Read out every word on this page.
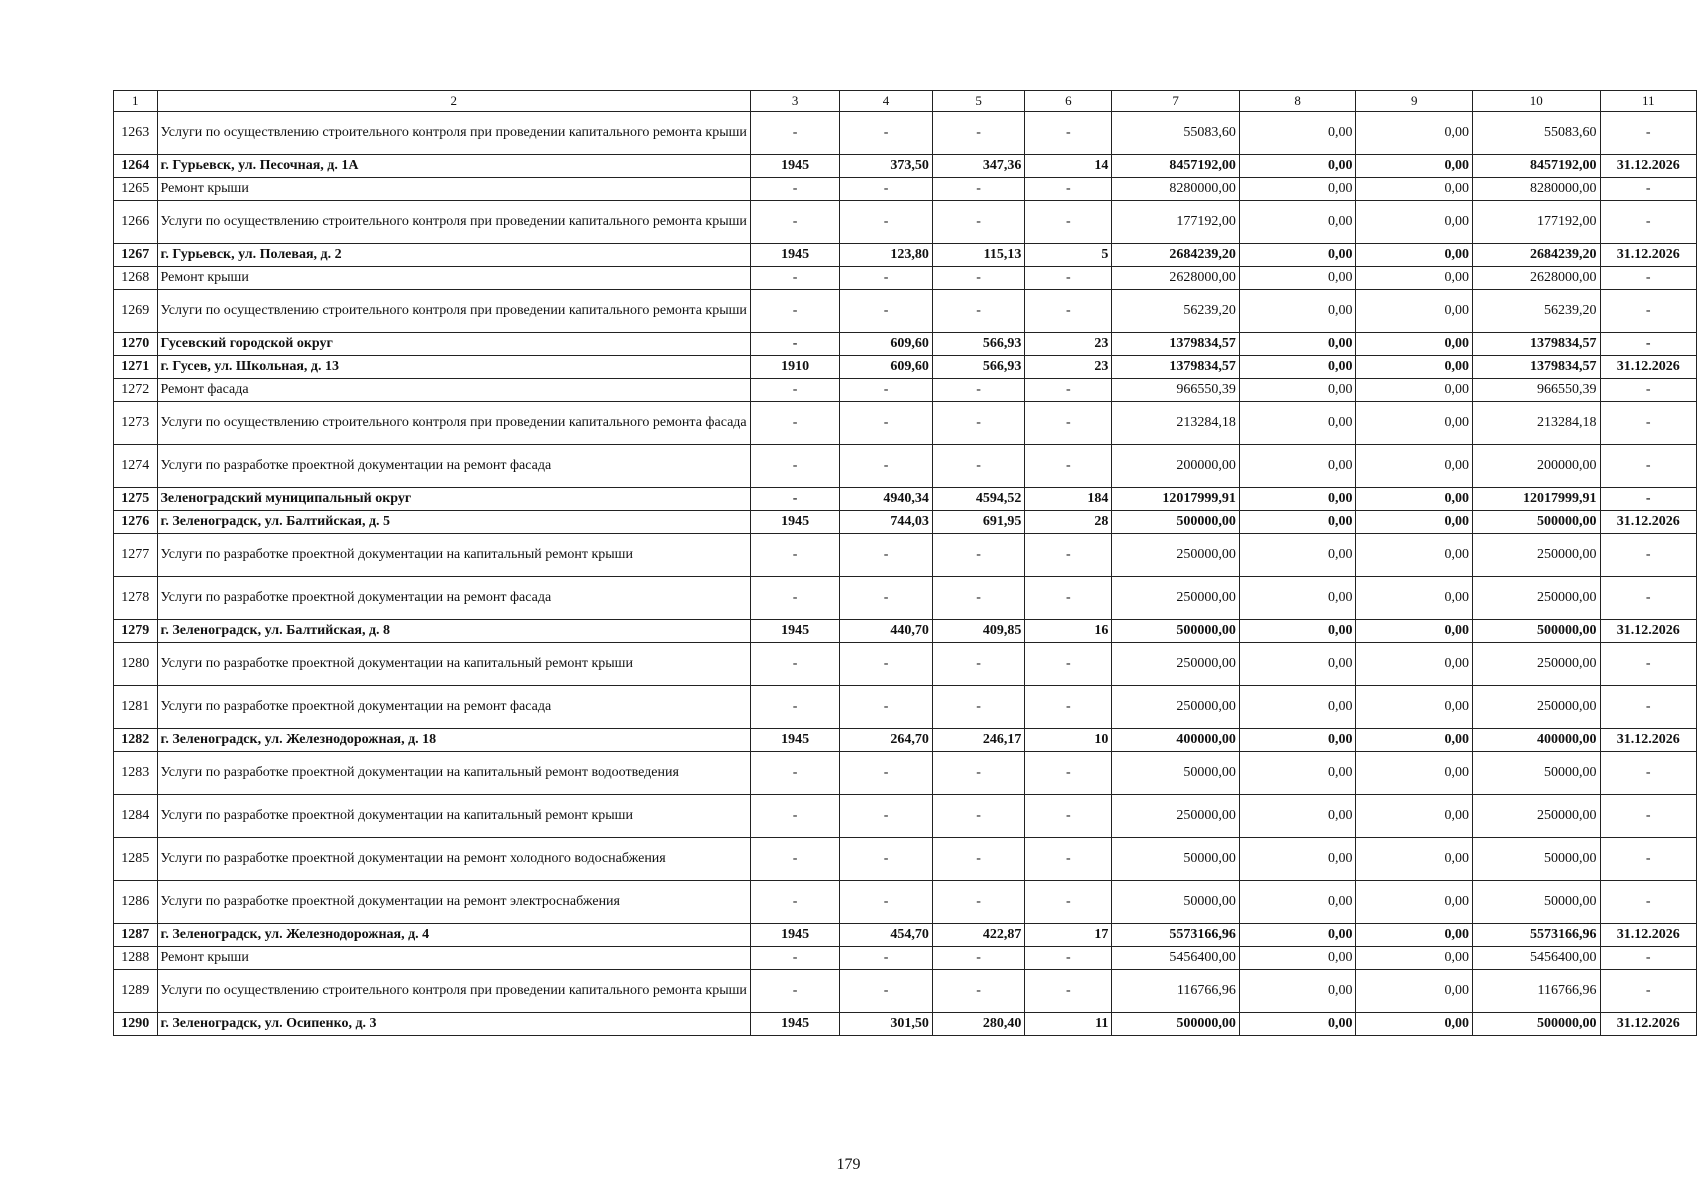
1	2	3	4	5	6	7	8	9	10	11
1263	Услуги по осуществлению строительного контроля при проведении капитального ремонта крыши	-	-	-	-	55083,60	0,00	0,00	55083,60	-
1264	г. Гурьевск, ул. Песочная, д. 1А	1945	373,50	347,36	14	8457192,00	0,00	0,00	8457192,00	31.12.2026
1265	Ремонт крыши	-	-	-	-	8280000,00	0,00	0,00	8280000,00	-
1266	Услуги по осуществлению строительного контроля при проведении капитального ремонта крыши	-	-	-	-	177192,00	0,00	0,00	177192,00	-
1267	г. Гурьевск, ул. Полевая, д. 2	1945	123,80	115,13	5	2684239,20	0,00	0,00	2684239,20	31.12.2026
1268	Ремонт крыши	-	-	-	-	2628000,00	0,00	0,00	2628000,00	-
1269	Услуги по осуществлению строительного контроля при проведении капитального ремонта крыши	-	-	-	-	56239,20	0,00	0,00	56239,20	-
1270	Гусевский городской округ	-	609,60	566,93	23	1379834,57	0,00	0,00	1379834,57	-
1271	г. Гусев, ул. Школьная, д. 13	1910	609,60	566,93	23	1379834,57	0,00	0,00	1379834,57	31.12.2026
1272	Ремонт фасада	-	-	-	-	966550,39	0,00	0,00	966550,39	-
1273	Услуги по осуществлению строительного контроля при проведении капитального ремонта фасада	-	-	-	-	213284,18	0,00	0,00	213284,18	-
1274	Услуги по разработке проектной документации на ремонт фасада	-	-	-	-	200000,00	0,00	0,00	200000,00	-
1275	Зеленоградский муниципальный округ	-	4940,34	4594,52	184	12017999,91	0,00	0,00	12017999,91	-
1276	г. Зеленоградск, ул. Балтийская, д. 5	1945	744,03	691,95	28	500000,00	0,00	0,00	500000,00	31.12.2026
1277	Услуги по разработке проектной документации на капитальный ремонт крыши	-	-	-	-	250000,00	0,00	0,00	250000,00	-
1278	Услуги по разработке проектной документации на ремонт фасада	-	-	-	-	250000,00	0,00	0,00	250000,00	-
1279	г. Зеленоградск, ул. Балтийская, д. 8	1945	440,70	409,85	16	500000,00	0,00	0,00	500000,00	31.12.2026
1280	Услуги по разработке проектной документации на капитальный ремонт крыши	-	-	-	-	250000,00	0,00	0,00	250000,00	-
1281	Услуги по разработке проектной документации на ремонт фасада	-	-	-	-	250000,00	0,00	0,00	250000,00	-
1282	г. Зеленоградск, ул. Железнодорожная, д. 18	1945	264,70	246,17	10	400000,00	0,00	0,00	400000,00	31.12.2026
1283	Услуги по разработке проектной документации на капитальный ремонт водоотведения	-	-	-	-	50000,00	0,00	0,00	50000,00	-
1284	Услуги по разработке проектной документации на капитальный ремонт крыши	-	-	-	-	250000,00	0,00	0,00	250000,00	-
1285	Услуги по разработке проектной документации на ремонт холодного водоснабжения	-	-	-	-	50000,00	0,00	0,00	50000,00	-
1286	Услуги по разработке проектной документации на ремонт электроснабжения	-	-	-	-	50000,00	0,00	0,00	50000,00	-
1287	г. Зеленоградск, ул. Железнодорожная, д. 4	1945	454,70	422,87	17	5573166,96	0,00	0,00	5573166,96	31.12.2026
1288	Ремонт крыши	-	-	-	-	5456400,00	0,00	0,00	5456400,00	-
1289	Услуги по осуществлению строительного контроля при проведении капитального ремонта крыши	-	-	-	-	116766,96	0,00	0,00	116766,96	-
1290	г. Зеленоградск, ул. Осипенко, д. 3	1945	301,50	280,40	11	500000,00	0,00	0,00	500000,00	31.12.2026
179
